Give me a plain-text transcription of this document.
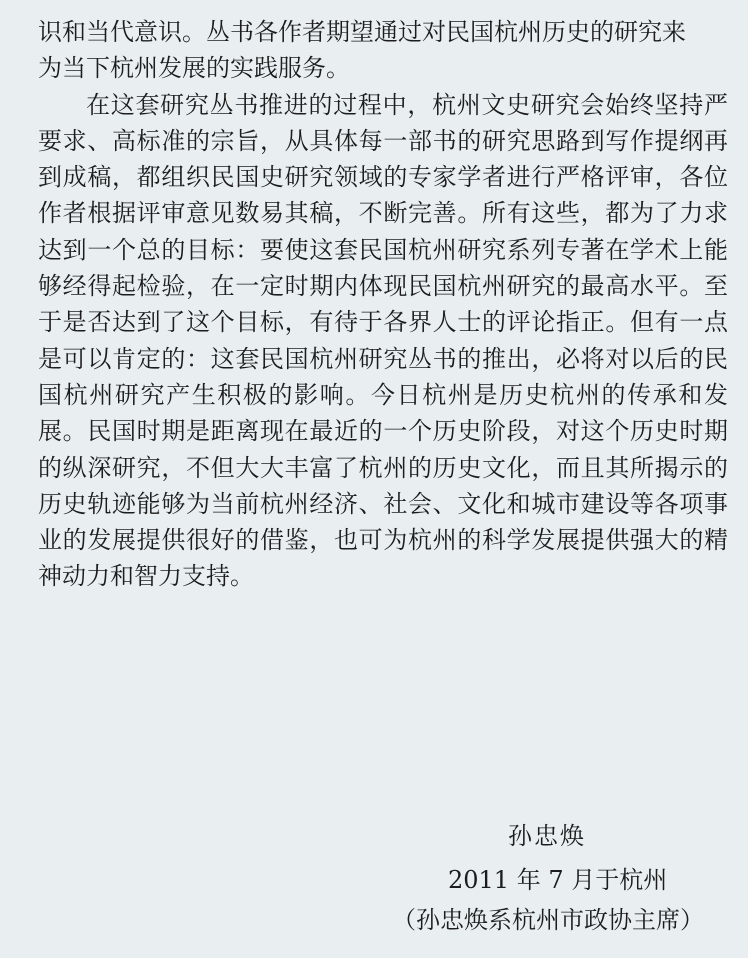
识和当代意识。丛书各作者期望通过对民国杭州历史的研究来
为当下杭州发展的实践服务。
在这套研究丛书推进的过程中，杭州文史研究会始终坚持严
要求、高标准的宗旨，从具体每一部书的研究思路到写作提纲再
到成稿，都组织民国史研究领域的专家学者进行严格评审，各位
作者根据评审意见数易其稿，不断完善。所有这些，都为了力求
达到一个总的目标：要使这套民国杭州研究系列专著在学术上能
够经得起检验，在一定时期内体现民国杭州研究的最高水平。至
于是否达到了这个目标，有待于各界人士的评论指正。但有一点
是可以肯定的：这套民国杭州研究丛书的推出，必将对以后的民
国杭州研究产生积极的影响。今日杭州是历史杭州的传承和发
展。民国时期是距离现在最近的一个历史阶段，对这个历史时期
的纵深研究，不但大大丰富了杭州的历史文化，而且其所揭示的
历史轨迹能够为当前杭州经济、社会、文化和城市建设等各项事
业的发展提供很好的借鉴，也可为杭州的科学发展提供强大的精
神动力和智力支持。
孙忠焕
2011 年 7 月于杭州
（孙忠焕系杭州市政协主席）
